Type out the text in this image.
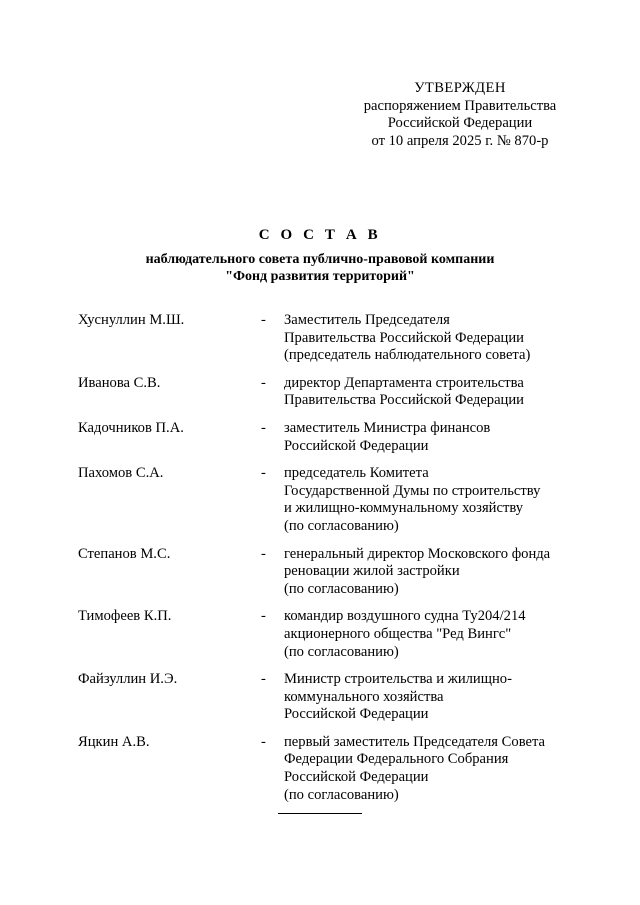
УТВЕРЖДЕН
распоряжением Правительства
Российской Федерации
от 10 апреля 2025 г. № 870-р
С О С Т А В
наблюдательного совета публично-правовой компании
"Фонд развития территорий"
Хуснуллин М.Ш.	-	Заместитель Председателя
Правительства Российской Федерации
(председатель наблюдательного совета)
Иванова С.В.	-	директор Департамента строительства
Правительства Российской Федерации
Кадочников П.А.	-	заместитель Министра финансов
Российской Федерации
Пахомов С.А.	-	председатель Комитета
Государственной Думы по строительству
и жилищно-коммунальному хозяйству
(по согласованию)
Степанов М.С.	-	генеральный директор Московского фонда
реновации жилой застройки
(по согласованию)
Тимофеев К.П.	-	командир воздушного судна Ту204/214
акционерного общества "Ред Вингс"
(по согласованию)
Файзуллин И.Э.	-	Министр строительства и жилищно-
коммунального хозяйства
Российской Федерации
Яцкин А.В.	-	первый заместитель Председателя Совета
Федерации Федерального Собрания
Российской Федерации
(по согласованию)
